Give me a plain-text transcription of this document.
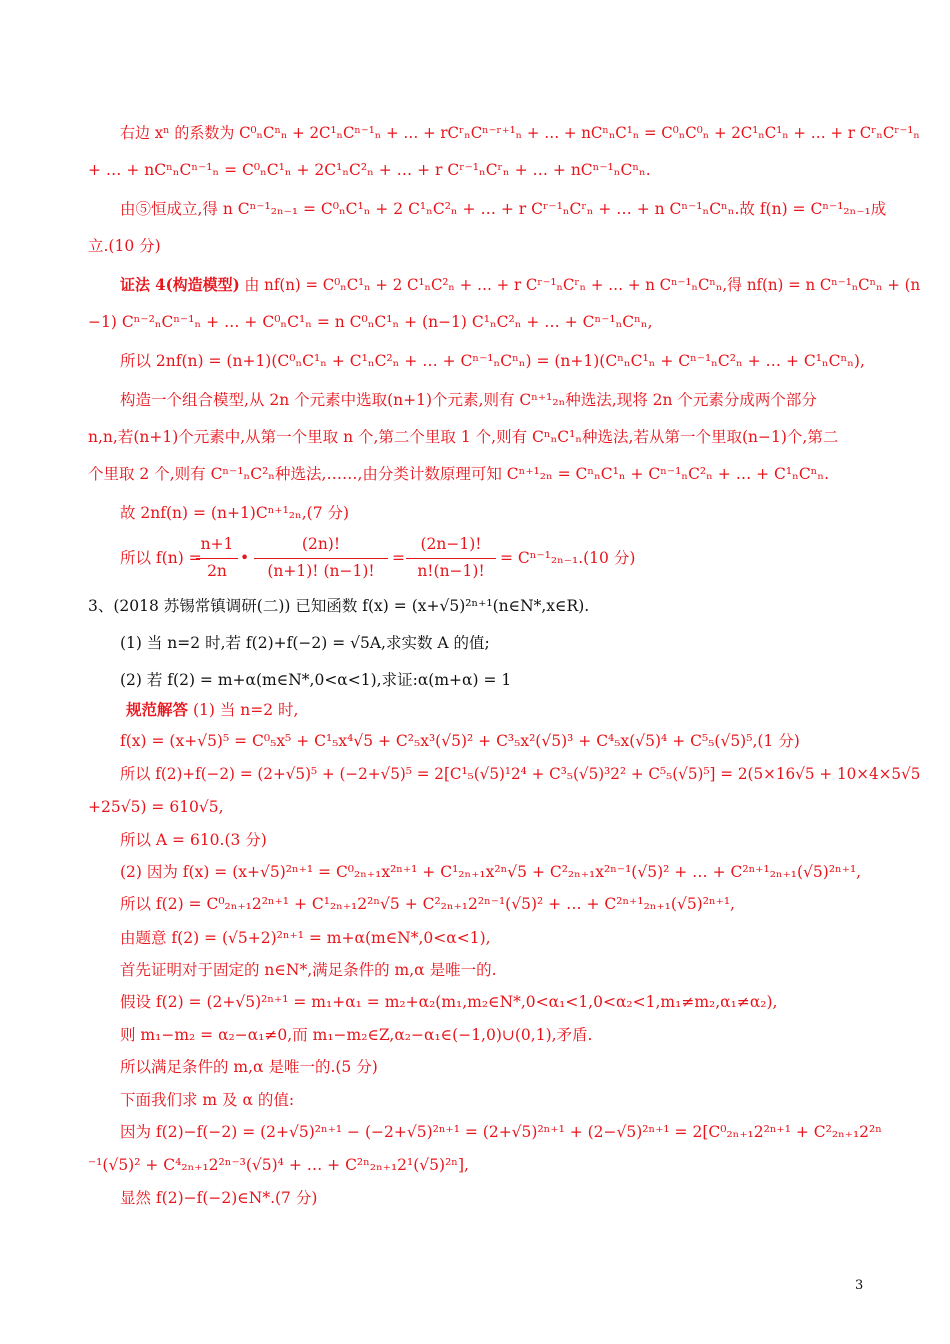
右边 xⁿ 的系数为 C⁰ₙCⁿₙ + 2C¹ₙCⁿ⁻¹ₙ + … + rCʳₙCⁿ⁻ʳ⁺¹ₙ + … + nCⁿₙC¹ₙ = C⁰ₙC⁰ₙ + 2C¹ₙC¹ₙ + … + r CʳₙCʳ⁻¹ₙ
+ … + nCⁿₙCⁿ⁻¹ₙ = C⁰ₙC¹ₙ + 2C¹ₙC²ₙ + … + r Cʳ⁻¹ₙCʳₙ + … + nCⁿ⁻¹ₙCⁿₙ.
由⑤恒成立,得 n Cⁿ⁻¹₂ₙ₋₁ = C⁰ₙC¹ₙ + 2 C¹ₙC²ₙ + … + r Cʳ⁻¹ₙCʳₙ + … + n Cⁿ⁻¹ₙCⁿₙ.故 f(n) = Cⁿ⁻¹₂ₙ₋₁成
立.(10 分)
证法 4(构造模型) 由 nf(n) = C⁰ₙC¹ₙ + 2 C¹ₙC²ₙ + … + r Cʳ⁻¹ₙCʳₙ + … + n Cⁿ⁻¹ₙCⁿₙ,得 nf(n) = n Cⁿ⁻¹ₙCⁿₙ + (n
−1) Cⁿ⁻²ₙCⁿ⁻¹ₙ + … + C⁰ₙC¹ₙ = n C⁰ₙC¹ₙ + (n−1) C¹ₙC²ₙ + … + Cⁿ⁻¹ₙCⁿₙ,
所以 2nf(n) = (n+1)(C⁰ₙC¹ₙ + C¹ₙC²ₙ + … + Cⁿ⁻¹ₙCⁿₙ) = (n+1)(CⁿₙC¹ₙ + Cⁿ⁻¹ₙC²ₙ + … + C¹ₙCⁿₙ),
构造一个组合模型,从 2n 个元素中选取(n+1)个元素,则有 Cⁿ⁺¹₂ₙ种选法,现将 2n 个元素分成两个部分
n,n,若(n+1)个元素中,从第一个里取 n 个,第二个里取 1 个,则有 CⁿₙC¹ₙ种选法,若从第一个里取(n−1)个,第二
个里取 2 个,则有 Cⁿ⁻¹ₙC²ₙ种选法,……,由分类计数原理可知 Cⁿ⁺¹₂ₙ = CⁿₙC¹ₙ + Cⁿ⁻¹ₙC²ₙ + … + C¹ₙCⁿₙ.
故 2nf(n) = (n+1)Cⁿ⁺¹₂ₙ,(7 分)
所以 f(n) =
n+1
2n
•
(2n)!
(n+1)! (n−1)!
=
(2n−1)!
n!(n−1)!
= Cⁿ⁻¹₂ₙ₋₁.(10 分)
3、(2018 苏锡常镇调研(二)) 已知函数 f(x) = (x+√5)²ⁿ⁺¹(n∈N*,x∈R).
(1) 当 n=2 时,若 f(2)+f(−2) = √5A,求实数 A 的值;
(2) 若 f(2) = m+α(m∈N*,0<α<1),求证:α(m+α) = 1
规范解答 (1) 当 n=2 时,
f(x) = (x+√5)⁵ = C⁰₅x⁵ + C¹₅x⁴√5 + C²₅x³(√5)² + C³₅x²(√5)³ + C⁴₅x(√5)⁴ + C⁵₅(√5)⁵,(1 分)
所以 f(2)+f(−2) = (2+√5)⁵ + (−2+√5)⁵ = 2[C¹₅(√5)¹2⁴ + C³₅(√5)³2² + C⁵₅(√5)⁵] = 2(5×16√5 + 10×4×5√5
+25√5) = 610√5,
所以 A = 610.(3 分)
(2) 因为 f(x) = (x+√5)²ⁿ⁺¹ = C⁰₂ₙ₊₁x²ⁿ⁺¹ + C¹₂ₙ₊₁x²ⁿ√5 + C²₂ₙ₊₁x²ⁿ⁻¹(√5)² + … + C²ⁿ⁺¹₂ₙ₊₁(√5)²ⁿ⁺¹,
所以 f(2) = C⁰₂ₙ₊₁2²ⁿ⁺¹ + C¹₂ₙ₊₁2²ⁿ√5 + C²₂ₙ₊₁2²ⁿ⁻¹(√5)² + … + C²ⁿ⁺¹₂ₙ₊₁(√5)²ⁿ⁺¹,
由题意 f(2) = (√5+2)²ⁿ⁺¹ = m+α(m∈N*,0<α<1),
首先证明对于固定的 n∈N*,满足条件的 m,α 是唯一的.
假设 f(2) = (2+√5)²ⁿ⁺¹ = m₁+α₁ = m₂+α₂(m₁,m₂∈N*,0<α₁<1,0<α₂<1,m₁≠m₂,α₁≠α₂),
则 m₁−m₂ = α₂−α₁≠0,而 m₁−m₂∈Z,α₂−α₁∈(−1,0)∪(0,1),矛盾.
所以满足条件的 m,α 是唯一的.(5 分)
下面我们求 m 及 α 的值:
因为 f(2)−f(−2) = (2+√5)²ⁿ⁺¹ − (−2+√5)²ⁿ⁺¹ = (2+√5)²ⁿ⁺¹ + (2−√5)²ⁿ⁺¹ = 2[C⁰₂ₙ₊₁2²ⁿ⁺¹ + C²₂ₙ₊₁2²ⁿ
⁻¹(√5)² + C⁴₂ₙ₊₁2²ⁿ⁻³(√5)⁴ + … + C²ⁿ₂ₙ₊₁2¹(√5)²ⁿ],
显然 f(2)−f(−2)∈N*.(7 分)
3
